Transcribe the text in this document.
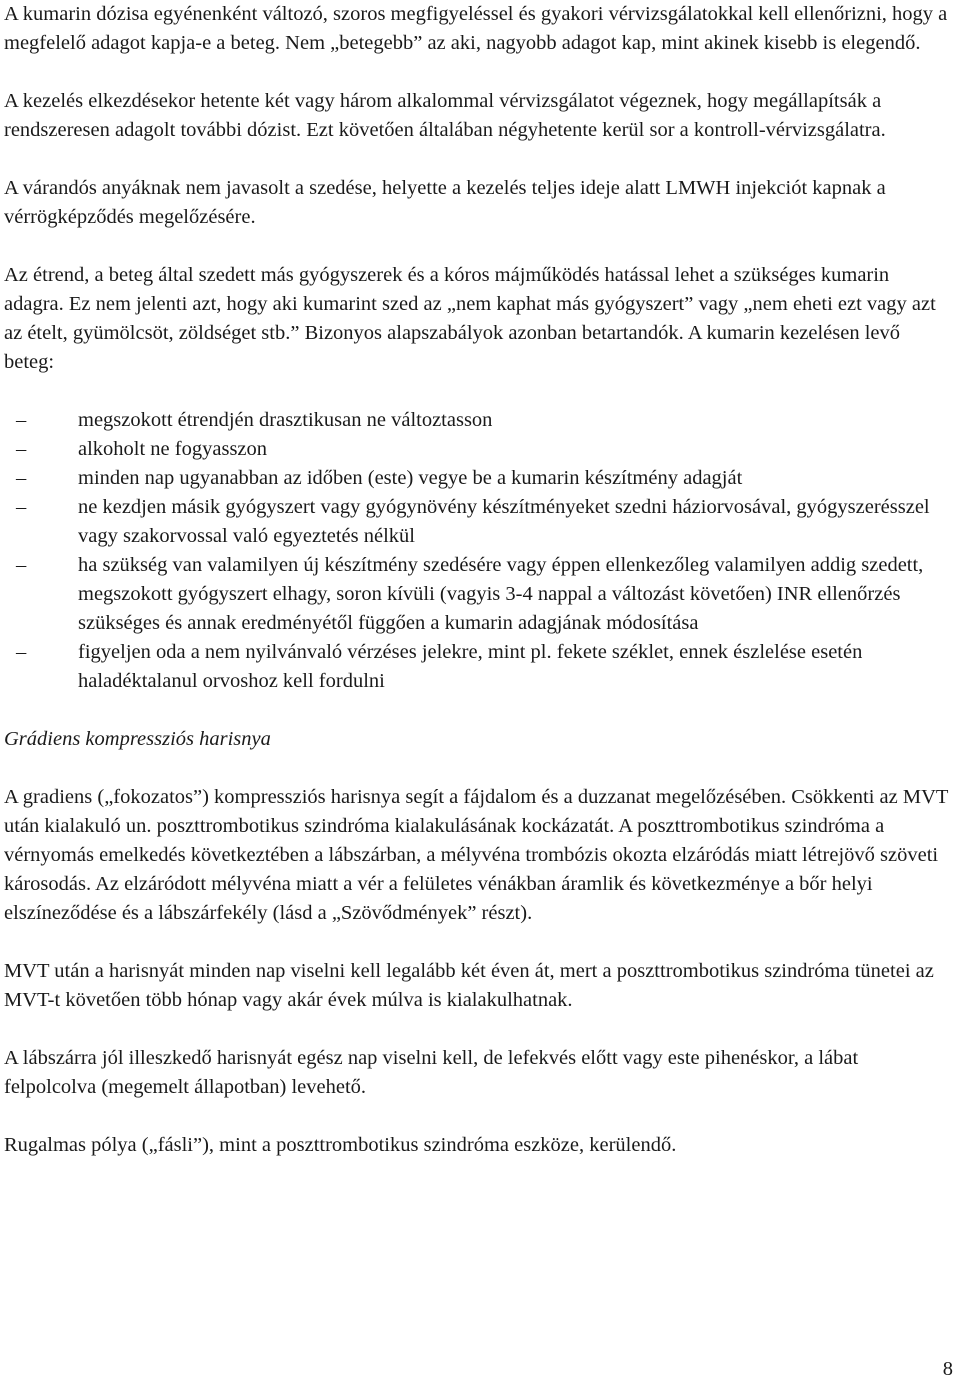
A kumarin dózisa egyénenként változó, szoros megfigyeléssel és gyakori vérvizsgálatokkal kell ellenőrizni, hogy a megfelelő adagot kapja-e a beteg. Nem „betegebb” az aki, nagyobb adagot kap, mint akinek kisebb is elegendő.

A kezelés elkezdésekor hetente két vagy három alkalommal vérvizsgálatot végeznek, hogy megállapítsák a rendszeresen adagolt további dózist. Ezt követően általában négyhetente kerül sor a kontroll-vérvizsgálatra.

A várandós anyáknak nem javasolt a szedése, helyette a kezelés teljes ideje alatt LMWH injekciót kapnak a vérrögképződés megelőzésére.

Az étrend, a beteg által szedett más gyógyszerek és a kóros májműködés hatással lehet a szükséges kumarin adagra. Ez nem jelenti azt, hogy aki kumarint szed az „nem kaphat más gyógyszert” vagy „nem eheti ezt vagy azt az ételt, gyümölcsöt, zöldséget stb.” Bizonyos alapszabályok azonban betartandók. A kumarin kezelésen levő beteg:

–	megszokott étrendjén drasztikusan ne változtasson
–	alkoholt ne fogyasszon
–	minden nap ugyanabban az időben (este) vegye be a kumarin készítmény adagját
–	ne kezdjen másik gyógyszert vagy gyógynövény készítményeket szedni háziorvosával, gyógyszerésszel vagy szakorvossal való egyeztetés nélkül
–	ha szükség van valamilyen új készítmény szedésére vagy éppen ellenkezőleg valamilyen addig szedett, megszokott gyógyszert elhagy, soron kívüli (vagyis 3-4 nappal a változást követően) INR ellenőrzés szükséges és annak eredményétől függően a kumarin adagjának módosítása
–	figyeljen oda a nem nyilvánvaló vérzéses jelekre, mint pl. fekete széklet, ennek észlelése esetén haladéktalanul orvoshoz kell fordulni

Grádiens kompressziós harisnya

A gradiens („fokozatos”) kompressziós harisnya segít a fájdalom és a duzzanat megelőzésében. Csökkenti az MVT után kialakuló un. poszttrombotikus szindróma kialakulásának kockázatát. A poszttrombotikus szindróma a vérnyomás emelkedés következtében a lábszárban, a mélyvéna trombózis okozta elzáródás miatt létrejövő szöveti károsodás. Az elzáródott mélyvéna miatt a vér a felületes vénákban áramlik és következménye a bőr helyi elszíneződése és a lábszárfekély (lásd a „Szövődmények” részt).

MVT után a harisnyát minden nap viselni kell legalább két éven át, mert a poszttrombotikus szindróma tünetei az MVT-t követően több hónap vagy akár évek múlva is kialakulhatnak.

A lábszárra jól illeszkedő harisnyát egész nap viselni kell, de lefekvés előtt vagy este pihenéskor, a lábat felpolcolva (megemelt állapotban) levehető.

Rugalmas pólya („fásli”), mint a poszttrombotikus szindróma eszköze, kerülendő.

8
